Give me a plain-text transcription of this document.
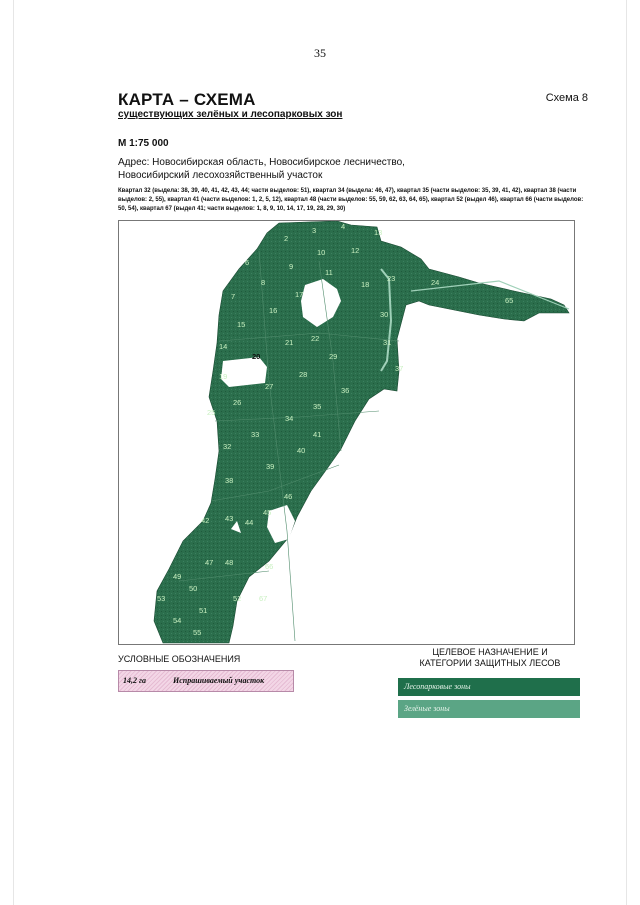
35
КАРТА – СХЕМА	Схема 8
существующих зелёных и лесопарковых зон
М 1:75 000
Адрес: Новосибирская область, Новосибирское лесничество,
Новосибирский лесохозяйственный участок
Квартал 32 (выдела: 38, 39, 40, 41, 42, 43, 44; части выделов: 51), квартал 34 (выдела: 46, 47), квартал 35 (части выделов: 35, 39, 41, 42), квартал 38 (части выделов: 2, 55), квартал 41 (части выделов: 1, 2, 5, 12), квартал 48 (части выделов: 55, 59, 62, 63, 64, 65), квартал 52 (выдел 46), квартал 66 (части выделов: 50, 54), квартал 67 (выдел 41; части выделов: 1, 8, 9, 10, 14, 17, 19, 28, 29, 30)
2
3	4
6
7
8
9
10
11
12
13
14
15
16
17
18
19
20
21 22
23	24
25
26
27
28
29
30
31
32
33
34
35
36
37
38
39
40
41
42 43 44
45
46
47 48
49
50
51
52
53
54
55
65
66
67
УСЛОВНЫЕ ОБОЗНАЧЕНИЯ
14,2 га	Испрашиваемый участок
ЦЕЛЕВОЕ НАЗНАЧЕНИЕ И
КАТЕГОРИИ ЗАЩИТНЫХ ЛЕСОВ
Лесопарковые зоны
Зелёные зоны
